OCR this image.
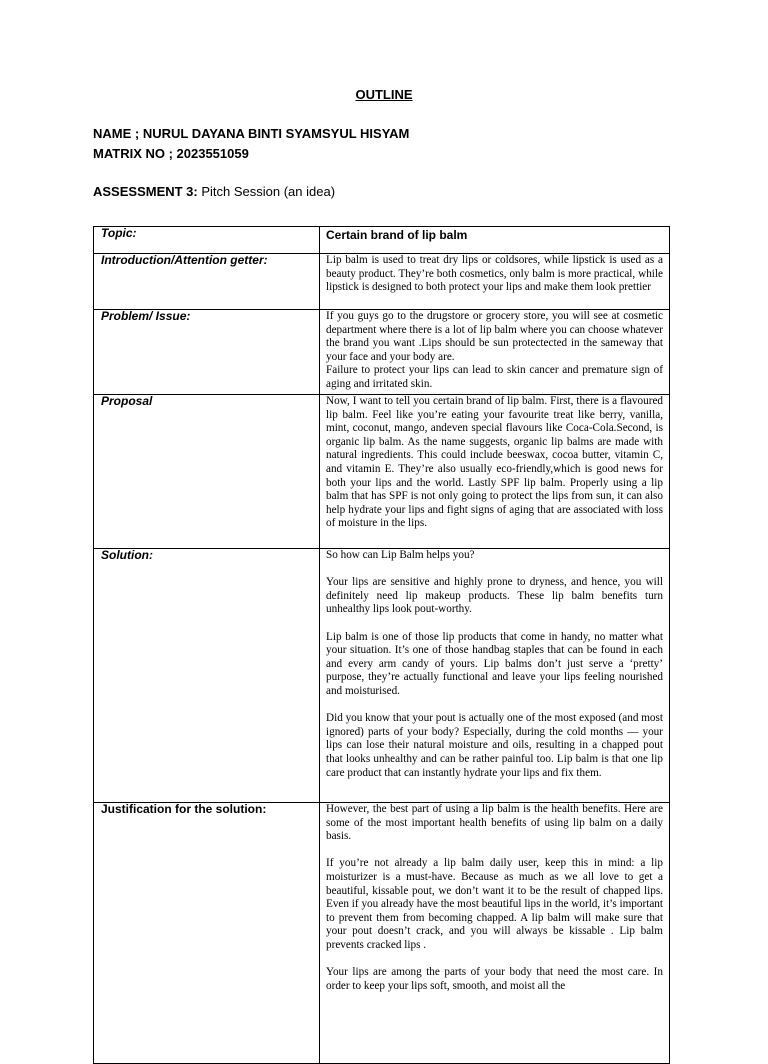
OUTLINE
NAME ; NURUL DAYANA BINTI SYAMSYUL HISYAM
MATRIX NO ; 2023551059
ASSESSMENT 3: Pitch Session (an idea)
Topic:	Certain brand of lip balm
Introduction/Attention getter:	Lip balm is used to treat dry lips or coldsores, while lipstick is used as a beauty product. They’re both cosmetics, only balm is more practical, while lipstick is designed to both protect your lips and make them look prettier

Problem/ Issue:	If you guys go to the drugstore or grocery store, you will see at cosmetic department where there is a lot of lip balm where you can choose whatever the brand you want .Lips should be sun protectected in the sameway that your face and your body are.

Failure to protect your lips can lead to skin cancer and premature sign of aging and irritated skin.

Proposal	Now, I want to tell you certain brand of lip balm. First, there is a flavoured lip balm. Feel like you’re eating your favourite treat like berry, vanilla, mint, coconut, mango, andeven special flavours like Coca-Cola.Second, is organic lip balm. As the name suggests, organic lip balms are made with natural ingredients. This could include beeswax, cocoa butter, vitamin C, and vitamin E. They’re also usually eco-friendly,which is good news for both your lips and the world. Lastly SPF lip balm. Properly using a lip balm that has SPF is not only going to protect the lips from sun, it can also help hydrate your lips and fight signs of aging that are associated with loss of moisture in the lips.

Solution:	So how can Lip Balm helps you?

Your lips are sensitive and highly prone to dryness, and hence, you will definitely need lip makeup products. These lip balm benefits turn unhealthy lips look pout-worthy.

Lip balm is one of those lip products that come in handy, no matter what your situation. It’s one of those handbag staples that can be found in each and every arm candy of yours. Lip balms don’t just serve a ‘pretty’ purpose, they’re actually functional and leave your lips feeling nourished and moisturised.

Did you know that your pout is actually one of the most exposed (and most ignored) parts of your body? Especially, during the cold months — your lips can lose their natural moisture and oils, resulting in a chapped pout that looks unhealthy and can be rather painful too. Lip balm is that one lip care product that can instantly hydrate your lips and fix them.

Justification for the solution:	However, the best part of using a lip balm is the health benefits. Here are some of the most important health benefits of using lip balm on a daily basis.

If you’re not already a lip balm daily user, keep this in mind: a lip moisturizer is a must-have. Because as much as we all love to get a beautiful, kissable pout, we don’t want it to be the result of chapped lips. Even if you already have the most beautiful lips in the world, it’s important to prevent them from becoming chapped. A lip balm will make sure that your pout doesn’t crack, and you will always be kissable . Lip balm prevents cracked lips .

Your lips are among the parts of your body that need the most care. In order to keep your lips soft, smooth, and moist all the
